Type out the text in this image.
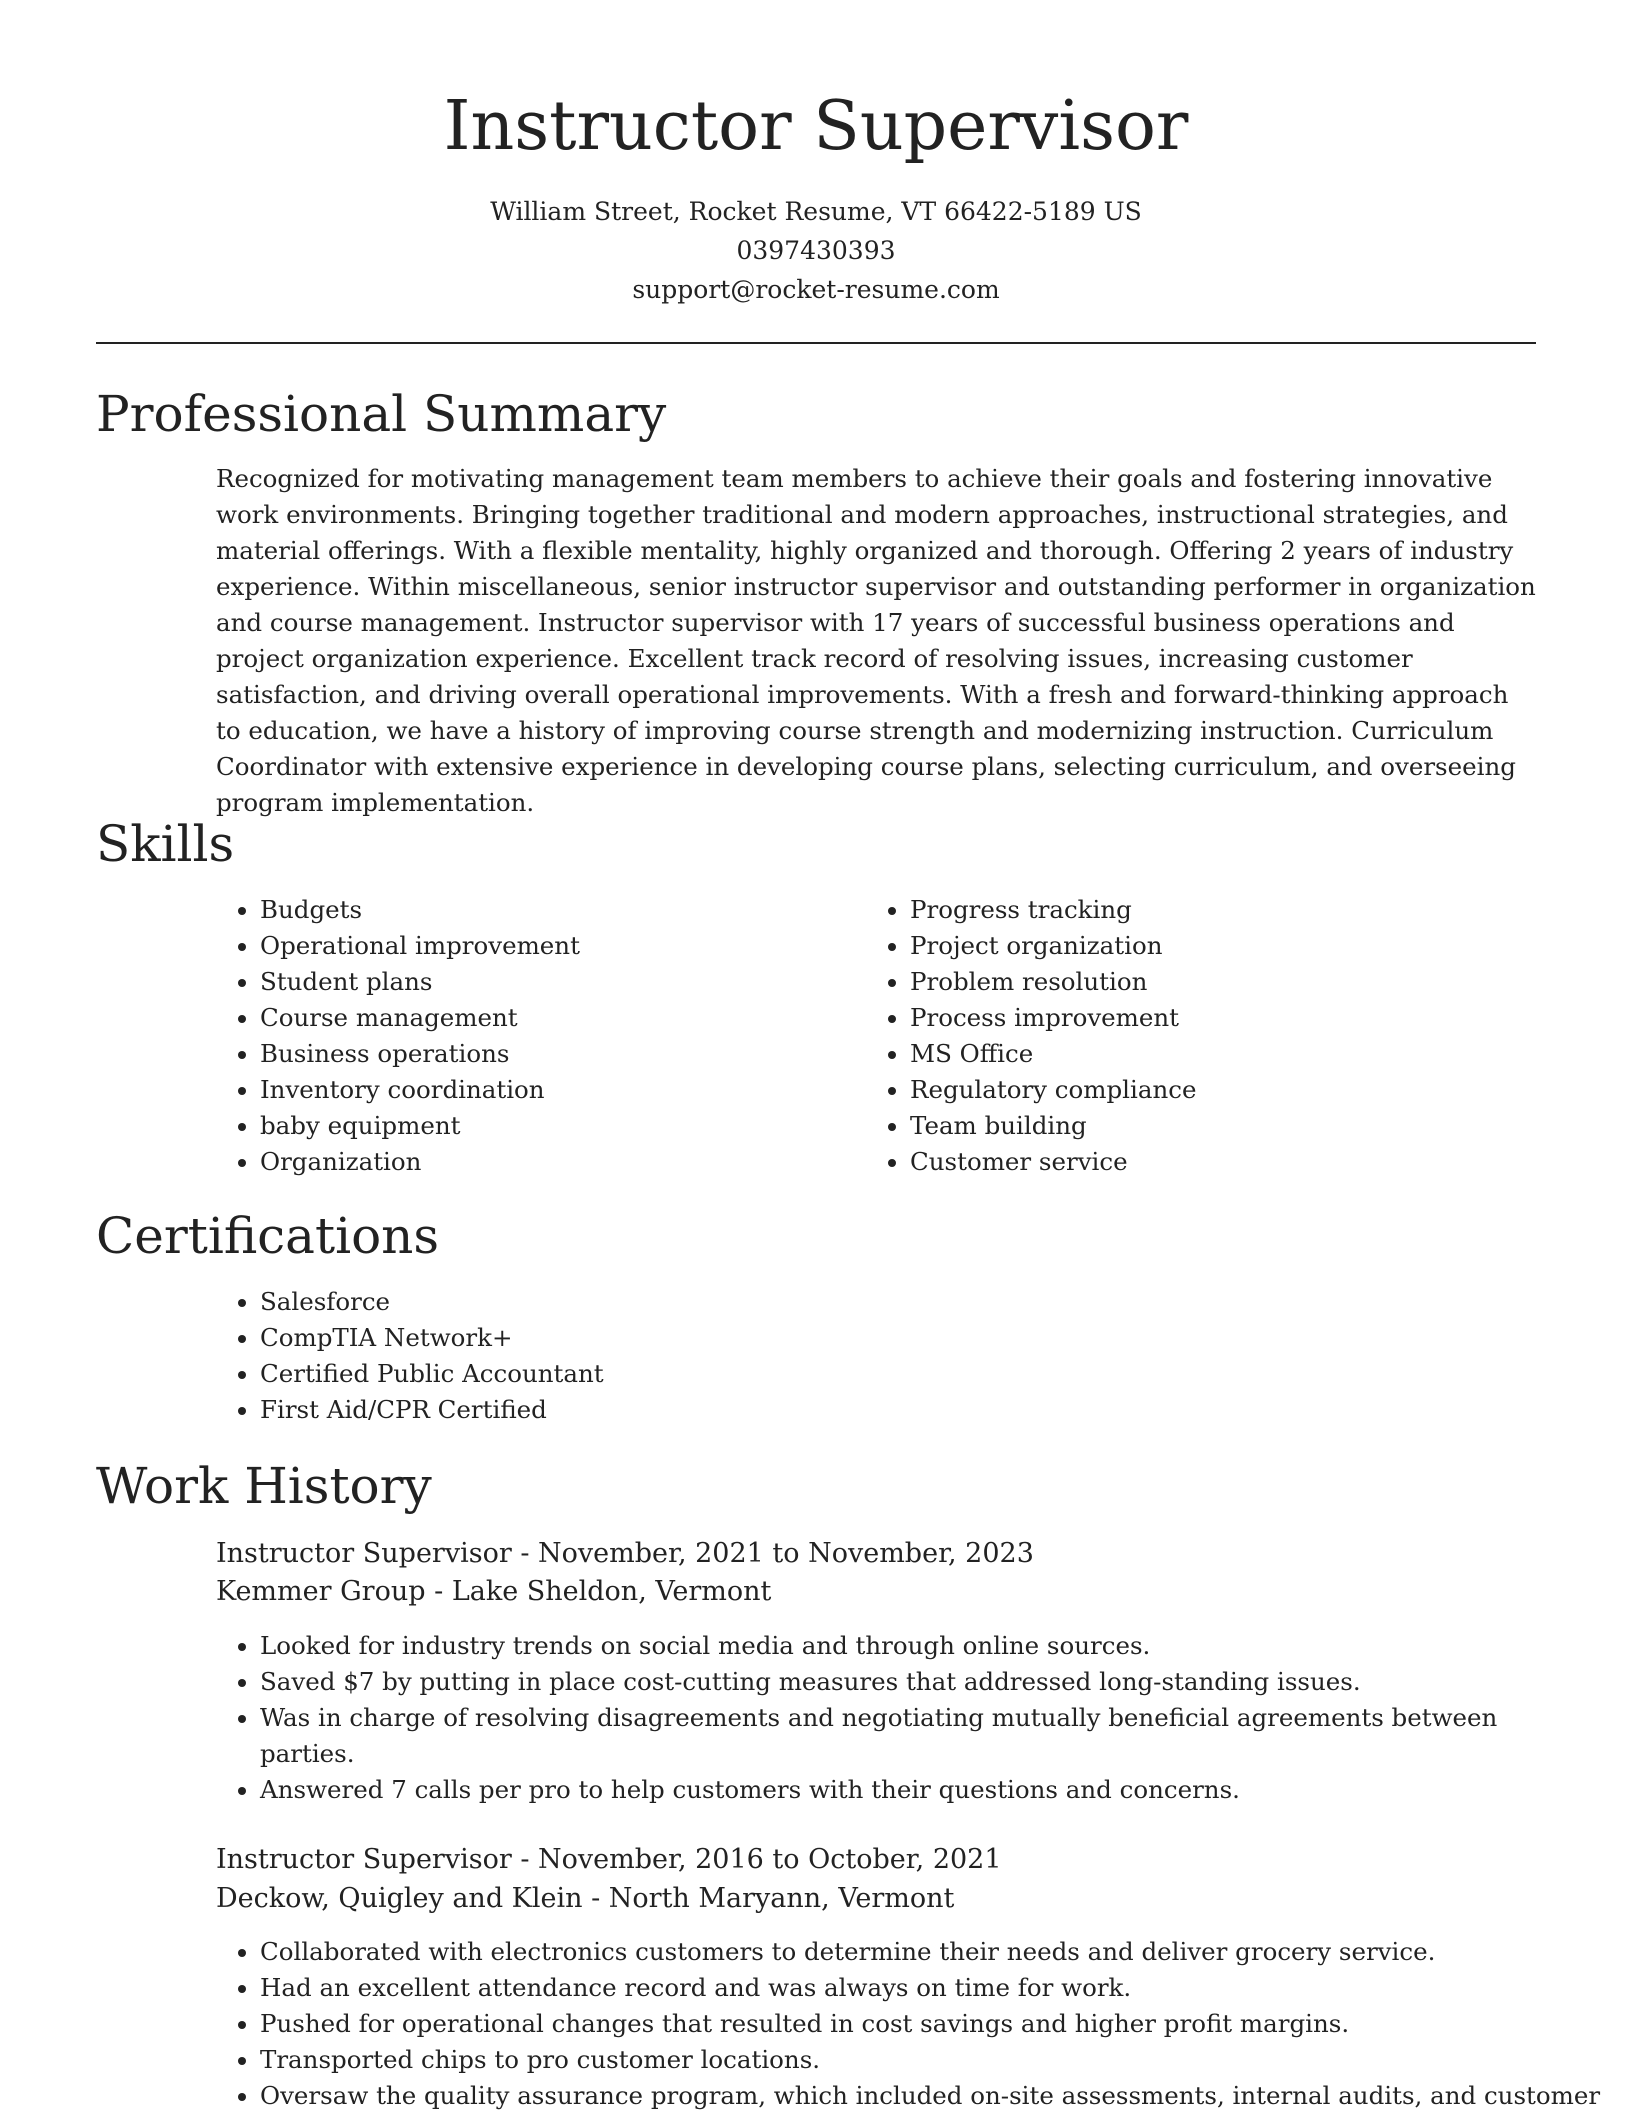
Instructor Supervisor
William Street, Rocket Resume, VT 66422-5189 US
0397430393
support@rocket-resume.com
Professional Summary

Recognized for motivating management team members to achieve their goals and fostering innovative work environments. Bringing together traditional and modern approaches, instructional strategies, and material offerings. With a flexible mentality, highly organized and thorough. Offering 2 years of industry experience. Within miscellaneous, senior instructor supervisor and outstanding performer in organization and course management. Instructor supervisor with 17 years of successful business operations and project organization experience. Excellent track record of resolving issues, increasing customer satisfaction, and driving overall operational improvements. With a fresh and forward-thinking approach to education, we have a history of improving course strength and modernizing instruction. Curriculum Coordinator with extensive experience in developing course plans, selecting curriculum, and overseeing program implementation.

Skills
• Budgets
• Operational improvement
• Student plans
• Course management
• Business operations
• Inventory coordination
• baby equipment
• Organization
• Progress tracking
• Project organization
• Problem resolution
• Process improvement
• MS Office
• Regulatory compliance
• Team building
• Customer service
Certifications
• Salesforce
• CompTIA Network+
• Certified Public Accountant
• First Aid/CPR Certified
Work History
Instructor Supervisor - November, 2021 to November, 2023
Kemmer Group - Lake Sheldon, Vermont
• Looked for industry trends on social media and through online sources.
• Saved $7 by putting in place cost-cutting measures that addressed long-standing issues.
• Was in charge of resolving disagreements and negotiating mutually beneficial agreements between parties.
• Answered 7 calls per pro to help customers with their questions and concerns.
Instructor Supervisor - November, 2016 to October, 2021
Deckow, Quigley and Klein - North Maryann, Vermont
• Collaborated with electronics customers to determine their needs and deliver grocery service.
• Had an excellent attendance record and was always on time for work.
• Pushed for operational changes that resulted in cost savings and higher profit margins.
• Transported chips to pro customer locations.
• Oversaw the quality assurance program, which included on-site assessments, internal audits, and customer
